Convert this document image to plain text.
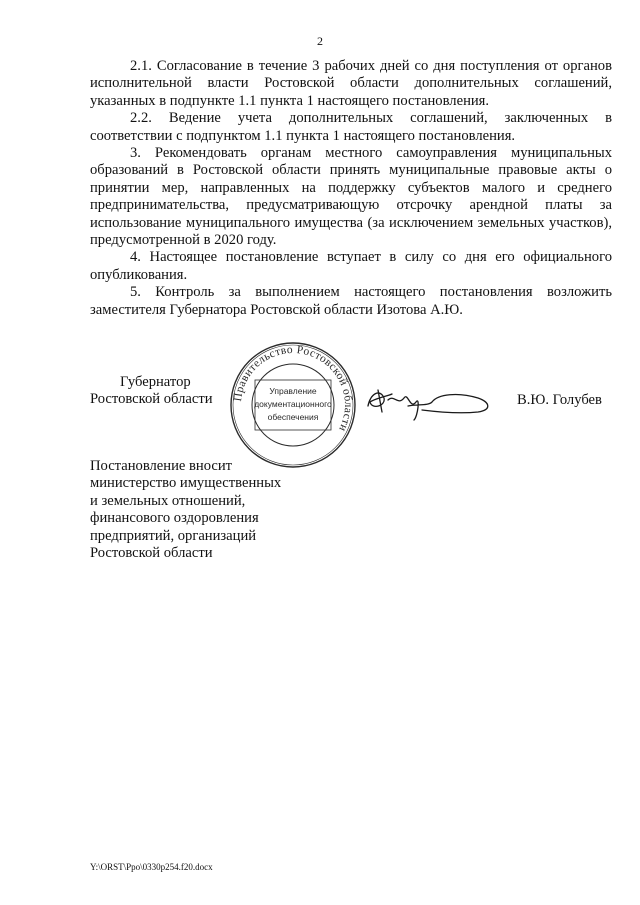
2

2.1. Согласование в течение 3 рабочих дней со дня поступления от органов исполнительной власти Ростовской области дополнительных соглашений, указанных в подпункте 1.1 пункта 1 настоящего постановления.

2.2. Ведение учета дополнительных соглашений, заключенных в соответствии с подпунктом 1.1 пункта 1 настоящего постановления.

3. Рекомендовать органам местного самоуправления муниципальных образований в Ростовской области принять муниципальные правовые акты о принятии мер, направленных на поддержку субъектов малого и среднего предпринимательства, предусматривающую отсрочку арендной платы за использование муниципального имущества (за исключением земельных участков), предусмотренной в 2020 году.

4. Настоящее постановление вступает в силу со дня его официального опубликования.

5. Контроль за выполнением настоящего постановления возложить заместителя Губернатора Ростовской области Изотова А.Ю.

Губернатор
Ростовской области	Правительство Ростовской области
Управление
документационного
обеспечения
В.Ю. Голубев
Постановление вносит
министерство имущественных
и земельных отношений,
финансового оздоровления
предприятий, организаций
Ростовской области
Y:\ORST\Ppo\0330p254.f20.docx
